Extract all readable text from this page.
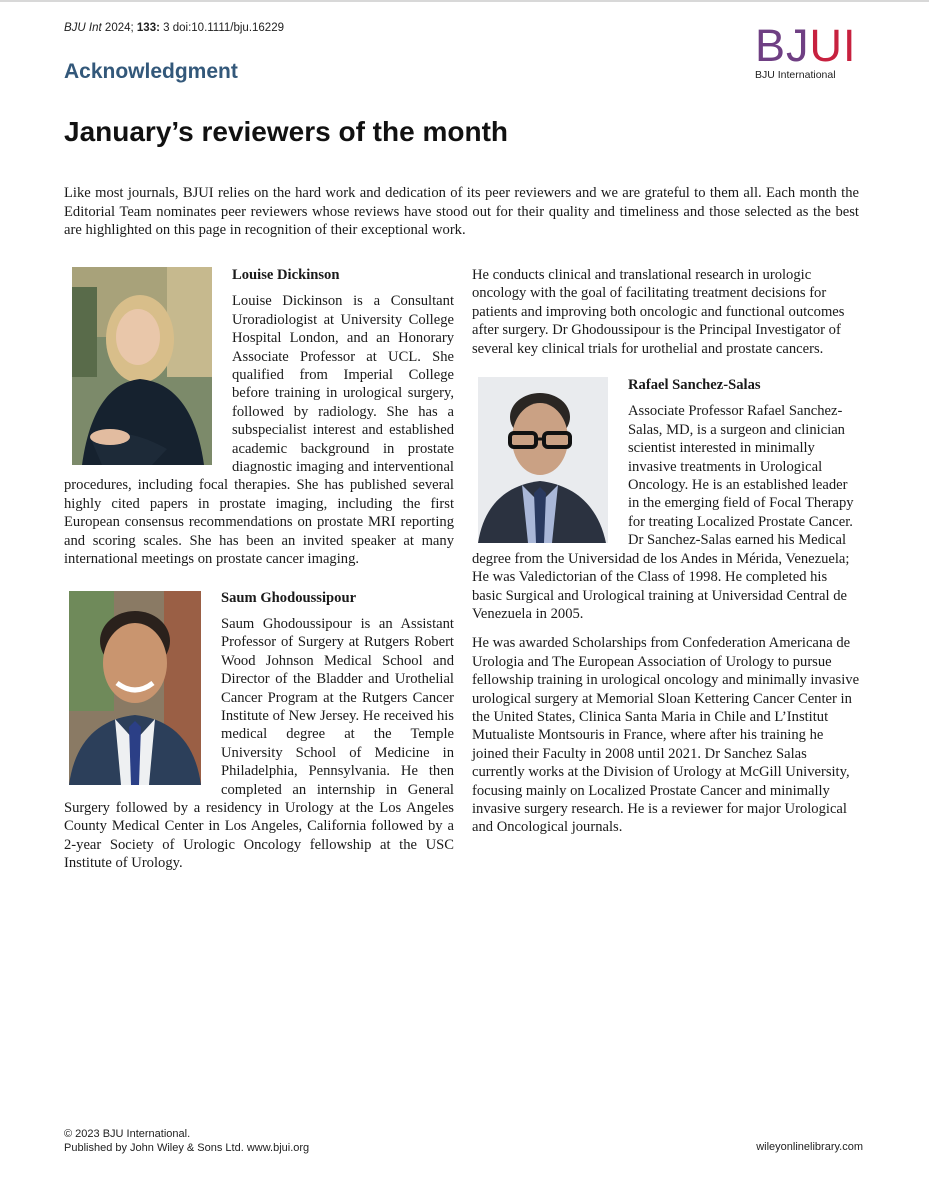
BJU Int 2024; 133: 3 doi:10.1111/bju.16229	BJUI
BJU International
Acknowledgment
January’s reviewers of the month

Like most journals, BJUI relies on the hard work and dedication of its peer reviewers and we are grateful to them all. Each month the Editorial Team nominates peer reviewers whose reviews have stood out for their quality and timeliness and those selected as the best are highlighted on this page in recognition of their exceptional work.

Louise Dickinson

Louise Dickinson is a Consultant Uroradiologist at University College Hospital London, and an Honorary Associate Professor at UCL. She qualified from Imperial College before training in urological surgery, followed by radiology. She has a subspecialist interest and established academic background in prostate diagnostic imaging and interventional procedures, including focal therapies. She has published several highly cited papers in prostate imaging, including the first European consensus recommendations on prostate MRI reporting and scoring scales. She has been an invited speaker at many international meetings on prostate cancer imaging.

Saum Ghodoussipour

Saum Ghodoussipour is an Assistant Professor of Surgery at Rutgers Robert Wood Johnson Medical School and Director of the Bladder and Urothelial Cancer Program at the Rutgers Cancer Institute of New Jersey. He received his medical degree at the Temple University School of Medicine in Philadelphia, Pennsylvania. He then completed an internship in General Surgery followed by a residency in Urology at the Los Angeles County Medical Center in Los Angeles, California followed by a 2-year Society of Urologic Oncology fellowship at the USC Institute of Urology.

He conducts clinical and translational research in urologic oncology with the goal of facilitating treatment decisions for patients and improving both oncologic and functional outcomes after surgery. Dr Ghodoussipour is the Principal Investigator of several key clinical trials for urothelial and prostate cancers.

Rafael Sanchez-Salas

Associate Professor Rafael Sanchez-Salas, MD, is a surgeon and clinician scientist interested in minimally invasive treatments in Urological Oncology. He is an established leader in the emerging field of Focal Therapy for treating Localized Prostate Cancer. Dr Sanchez-Salas earned his Medical degree from the Universidad de los Andes in Mérida, Venezuela; He was Valedictorian of the Class of 1998. He completed his basic Surgical and Urological training at Universidad Central de Venezuela in 2005.

He was awarded Scholarships from Confederation Americana de Urologia and The European Association of Urology to pursue fellowship training in urological oncology and minimally invasive urological surgery at Memorial Sloan Kettering Cancer Center in the United States, Clinica Santa Maria in Chile and L’Institut Mutualiste Montsouris in France, where after his training he joined their Faculty in 2008 until 2021. Dr Sanchez Salas currently works at the Division of Urology at McGill University, focusing mainly on Localized Prostate Cancer and minimally invasive surgery research. He is a reviewer for major Urological and Oncological journals.

© 2023 BJU International.
Published by John Wiley & Sons Ltd. www.bjui.org	wileyonlinelibrary.com
